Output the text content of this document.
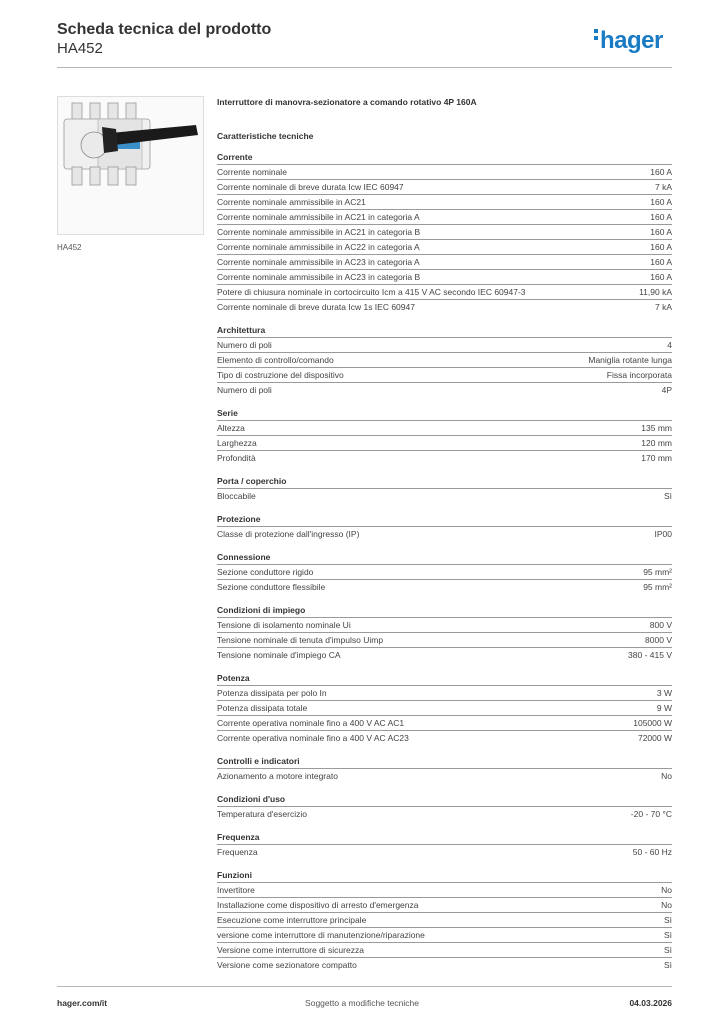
Scheda tecnica del prodotto
HA452	hager
HA452
Interruttore di manovra-sezionatore a comando rotativo 4P 160A
Caratteristiche tecniche
Corrente
Corrente nominale	160 A
Corrente nominale di breve durata Icw IEC 60947	7 kA
Corrente nominale ammissibile in AC21	160 A
Corrente nominale ammissibile in AC21 in categoria A	160 A
Corrente nominale ammissibile in AC21 in categoria B	160 A
Corrente nominale ammissibile in AC22 in categoria A	160 A
Corrente nominale ammissibile in AC23 in categoria A	160 A
Corrente nominale ammissibile in AC23 in categoria B	160 A
Potere di chiusura nominale in cortocircuito Icm a 415 V AC secondo IEC 60947-3	11,90 kA
Corrente nominale di breve durata Icw 1s IEC 60947	7 kA
Architettura
Numero di poli	4
Elemento di controllo/comando	Maniglia rotante lunga
Tipo di costruzione del dispositivo	Fissa incorporata
Numero di poli	4P
Serie
Altezza	135 mm
Larghezza	120 mm
Profondità	170 mm
Porta / coperchio
Bloccabile	Sì
Protezione
Classe di protezione dall'ingresso (IP)	IP00
Connessione
Sezione conduttore rigido	95 mm²
Sezione conduttore flessibile	95 mm²
Condizioni di impiego
Tensione di isolamento nominale Ui	800 V
Tensione nominale di tenuta d'impulso Uimp	8000 V
Tensione nominale d'impiego CA	380 - 415 V
Potenza
Potenza dissipata per polo In	3 W
Potenza dissipata totale	9 W
Corrente operativa nominale fino a 400 V AC AC1	105000 W
Corrente operativa nominale fino a 400 V AC AC23	72000 W
Controlli e indicatori
Azionamento a motore integrato	No
Condizioni d'uso
Temperatura d'esercizio	-20 - 70 °C
Frequenza
Frequenza	50 - 60 Hz
Funzioni
Invertitore	No
Installazione come dispositivo di arresto d'emergenza	No
Esecuzione come interruttore principale	Sì
versione come interruttore di manutenzione/riparazione	Sì
Versione come interruttore di sicurezza	Sì
Versione come sezionatore compatto	Sì
hager.com/it	Soggetto a modifiche tecniche	04.03.2026
